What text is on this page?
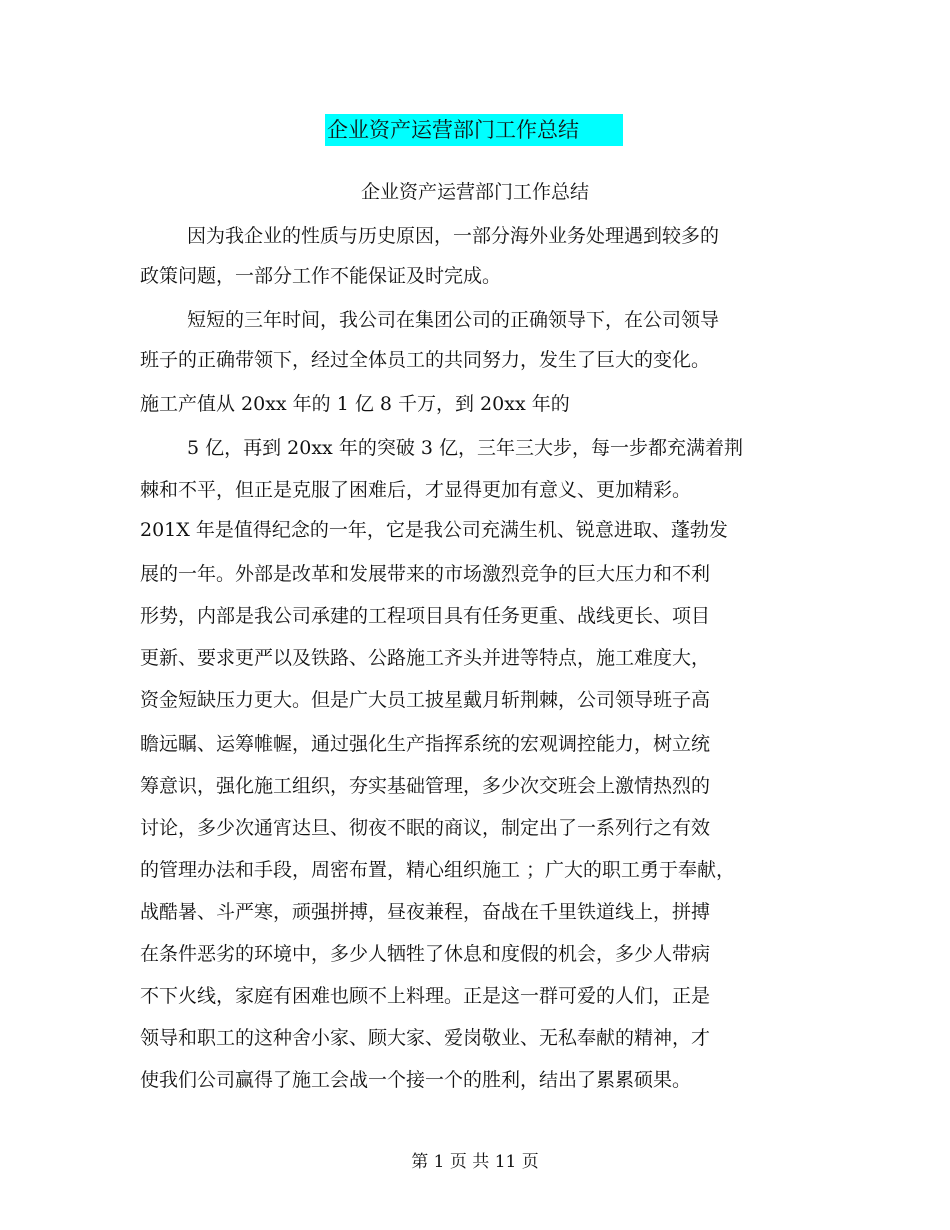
企业资产运营部门工作总结
企业资产运营部门工作总结
因为我企业的性质与历史原因，一部分海外业务处理遇到较多的
政策问题，一部分工作不能保证及时完成。
短短的三年时间，我公司在集团公司的正确领导下，在公司领导
班子的正确带领下，经过全体员工的共同努力，发生了巨大的变化。
施工产值从 20xx 年的 1 亿 8 千万，到 20xx 年的
5 亿，再到 20xx 年的突破 3 亿，三年三大步，每一步都充满着荆
棘和不平，但正是克服了困难后，才显得更加有意义、更加精彩。
201X 年是值得纪念的一年，它是我公司充满生机、锐意进取、蓬勃发
展的一年。外部是改革和发展带来的市场激烈竞争的巨大压力和不利
形势，内部是我公司承建的工程项目具有任务更重、战线更长、项目
更新、要求更严以及铁路、公路施工齐头并进等特点，施工难度大，
资金短缺压力更大。但是广大员工披星戴月斩荆棘，公司领导班子高
瞻远瞩、运筹帷幄，通过强化生产指挥系统的宏观调控能力，树立统
筹意识，强化施工组织，夯实基础管理，多少次交班会上激情热烈的
讨论，多少次通宵达旦、彻夜不眠的商议，制定出了一系列行之有效
的管理办法和手段，周密布置，精心组织施工 ；广大的职工勇于奉献，
战酷暑、斗严寒，顽强拼搏，昼夜兼程，奋战在千里铁道线上，拼搏
在条件恶劣的环境中，多少人牺牲了休息和度假的机会，多少人带病
不下火线，家庭有困难也顾不上料理。正是这一群可爱的人们，正是
领导和职工的这种舍小家、顾大家、爱岗敬业、无私奉献的精神，才
使我们公司赢得了施工会战一个接一个的胜利，结出了累累硕果。
第 1 页 共 11 页
